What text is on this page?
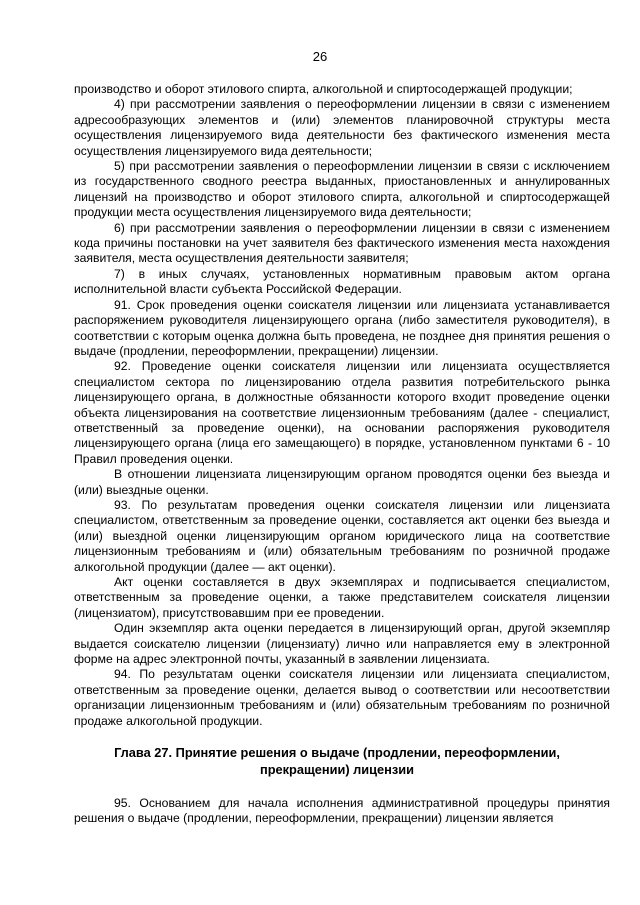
26

производство и оборот этилового спирта, алкогольной и спиртосодержащей продукции;

4) при рассмотрении заявления о переоформлении лицензии в связи с изменением адресообразующих элементов и (или) элементов планировочной структуры места осуществления лицензируемого вида деятельности без фактического изменения места осуществления лицензируемого вида деятельности;

5) при рассмотрении заявления о переоформлении лицензии в связи с исключением из государственного сводного реестра выданных, приостановленных и аннулированных лицензий на производство и оборот этилового спирта, алкогольной и спиртосодержащей продукции места осуществления лицензируемого вида деятельности;

6) при рассмотрении заявления о переоформлении лицензии в связи с изменением кода причины постановки на учет заявителя без фактического изменения места нахождения заявителя, места осуществления деятельности заявителя;

7) в иных случаях, установленных нормативным правовым актом органа исполнительной власти субъекта Российской Федерации.

91. Срок проведения оценки соискателя лицензии или лицензиата устанавливается распоряжением руководителя лицензирующего органа (либо заместителя руководителя), в соответствии с которым оценка должна быть проведена, не позднее дня принятия решения о выдаче (продлении, переоформлении, прекращении) лицензии.

92. Проведение оценки соискателя лицензии или лицензиата осуществляется специалистом сектора по лицензированию отдела развития потребительского рынка лицензирующего органа, в должностные обязанности которого входит проведение оценки объекта лицензирования на соответствие лицензионным требованиям (далее - специалист, ответственный за проведение оценки), на основании распоряжения руководителя лицензирующего органа (лица его замещающего) в порядке, установленном пунктами 6 - 10 Правил проведения оценки.

В отношении лицензиата лицензирующим органом проводятся оценки без выезда и (или) выездные оценки.

93. По результатам проведения оценки соискателя лицензии или лицензиата специалистом, ответственным за проведение оценки, составляется акт оценки без выезда и (или) выездной оценки лицензирующим органом юридического лица на соответствие лицензионным требованиям и (или) обязательным требованиям по розничной продаже алкогольной продукции (далее — акт оценки).

Акт оценки составляется в двух экземплярах и подписывается специалистом, ответственным за проведение оценки, а также представителем соискателя лицензии (лицензиатом), присутствовавшим при ее проведении.

Один экземпляр акта оценки передается в лицензирующий орган, другой экземпляр выдается соискателю лицензии (лицензиату) лично или направляется ему в электронной форме на адрес электронной почты, указанный в заявлении лицензиата.

94. По результатам оценки соискателя лицензии или лицензиата специалистом, ответственным за проведение оценки, делается вывод о соответствии или несоответствии организации лицензионным требованиям и (или) обязательным требованиям по розничной продаже алкогольной продукции.

Глава 27. Принятие решения о выдаче (продлении, переоформлении, прекращении) лицензии

95. Основанием для начала исполнения административной процедуры принятия решения о выдаче (продлении, переоформлении, прекращении) лицензии является
